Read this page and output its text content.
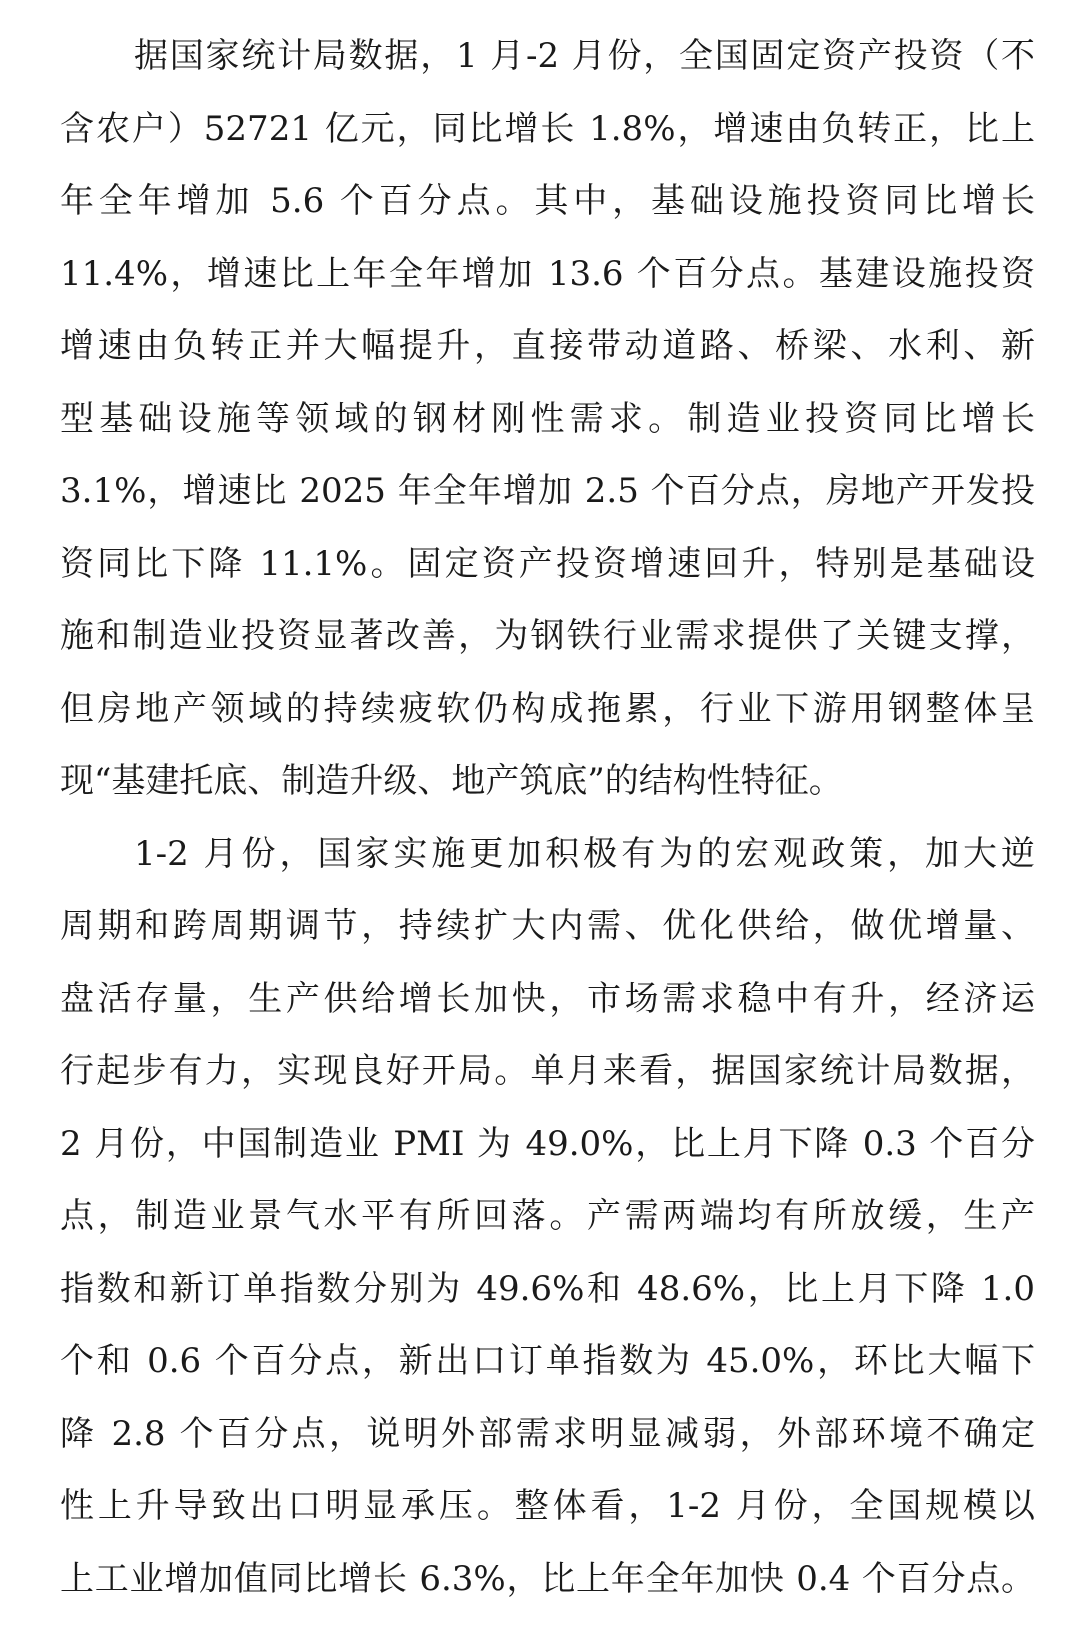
据国家统计局数据，1 月-2 月份，全国固定资产投资（不
含农户）52721 亿元，同比增长 1.8%，增速由负转正，比上
年全年增加 5.6 个百分点。其中，基础设施投资同比增长
11.4%，增速比上年全年增加 13.6 个百分点。基建设施投资
增速由负转正并大幅提升，直接带动道路、桥梁、水利、新
型基础设施等领域的钢材刚性需求。制造业投资同比增长
3.1%，增速比 2025 年全年增加 2.5 个百分点，房地产开发投
资同比下降 11.1%。固定资产投资增速回升，特别是基础设
施和制造业投资显著改善，为钢铁行业需求提供了关键支撑，
但房地产领域的持续疲软仍构成拖累，行业下游用钢整体呈
现“基建托底、制造升级、地产筑底”的结构性特征。
1-2 月份，国家实施更加积极有为的宏观政策，加大逆
周期和跨周期调节，持续扩大内需、优化供给，做优增量、
盘活存量，生产供给增长加快，市场需求稳中有升，经济运
行起步有力，实现良好开局。单月来看，据国家统计局数据，
2 月份，中国制造业 PMI 为 49.0%，比上月下降 0.3 个百分
点，制造业景气水平有所回落。产需两端均有所放缓，生产
指数和新订单指数分别为 49.6%和 48.6%，比上月下降 1.0
个和 0.6 个百分点，新出口订单指数为 45.0%，环比大幅下
降 2.8 个百分点，说明外部需求明显减弱，外部环境不确定
性上升导致出口明显承压。整体看，1-2 月份，全国规模以
上工业增加值同比增长 6.3%，比上年全年加快 0.4 个百分点。
